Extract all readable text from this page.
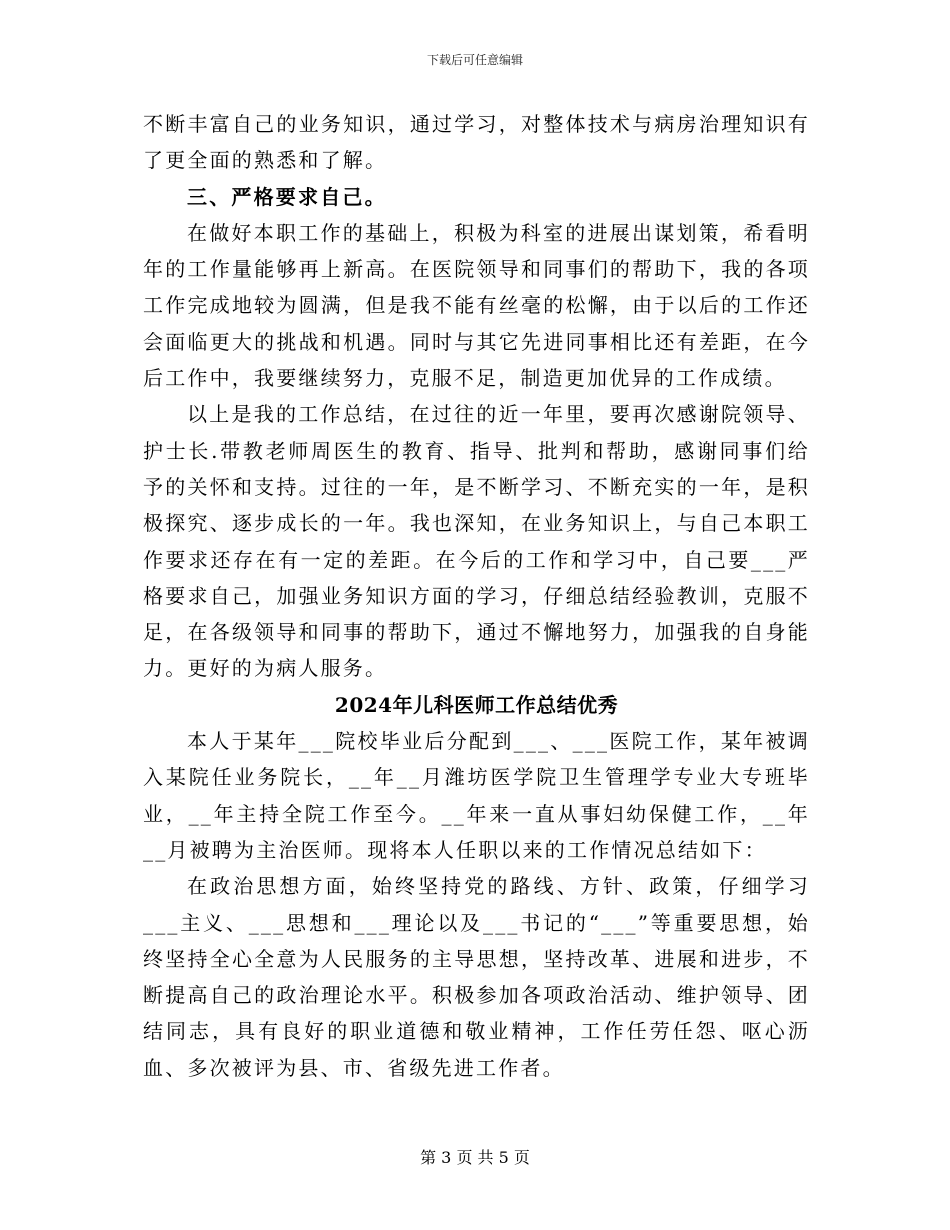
下载后可任意编辑

不断丰富自己的业务知识，通过学习，对整体技术与病房治理知识有了更全面的熟悉和了解。

三、严格要求自己。

在做好本职工作的基础上，积极为科室的进展出谋划策，希看明年的工作量能够再上新高。在医院领导和同事们的帮助下，我的各项工作完成地较为圆满，但是我不能有丝毫的松懈，由于以后的工作还会面临更大的挑战和机遇。同时与其它先进同事相比还有差距，在今后工作中，我要继续努力，克服不足，制造更加优异的工作成绩。

以上是我的工作总结，在过往的近一年里，要再次感谢院领导、护士长.带教老师周医生的教育、指导、批判和帮助，感谢同事们给予的关怀和支持。过往的一年，是不断学习、不断充实的一年，是积极探究、逐步成长的一年。我也深知，在业务知识上，与自己本职工作要求还存在有一定的差距。在今后的工作和学习中，自己要___严格要求自己，加强业务知识方面的学习，仔细总结经验教训，克服不足，在各级领导和同事的帮助下，通过不懈地努力，加强我的自身能力。更好的为病人服务。

2024年儿科医师工作总结优秀

本人于某年___院校毕业后分配到___、___医院工作，某年被调入某院任业务院长，__年__月潍坊医学院卫生管理学专业大专班毕业，__年主持全院工作至今。__年来一直从事妇幼保健工作，__年__月被聘为主治医师。现将本人任职以来的工作情况总结如下：

在政治思想方面，始终坚持党的路线、方针、政策，仔细学习___主义、___思想和___理论以及___书记的“___”等重要思想，始终坚持全心全意为人民服务的主导思想，坚持改革、进展和进步，不断提高自己的政治理论水平。积极参加各项政治活动、维护领导、团结同志，具有良好的职业道德和敬业精神，工作任劳任怨、呕心沥血、多次被评为县、市、省级先进工作者。

第 3 页 共 5 页
